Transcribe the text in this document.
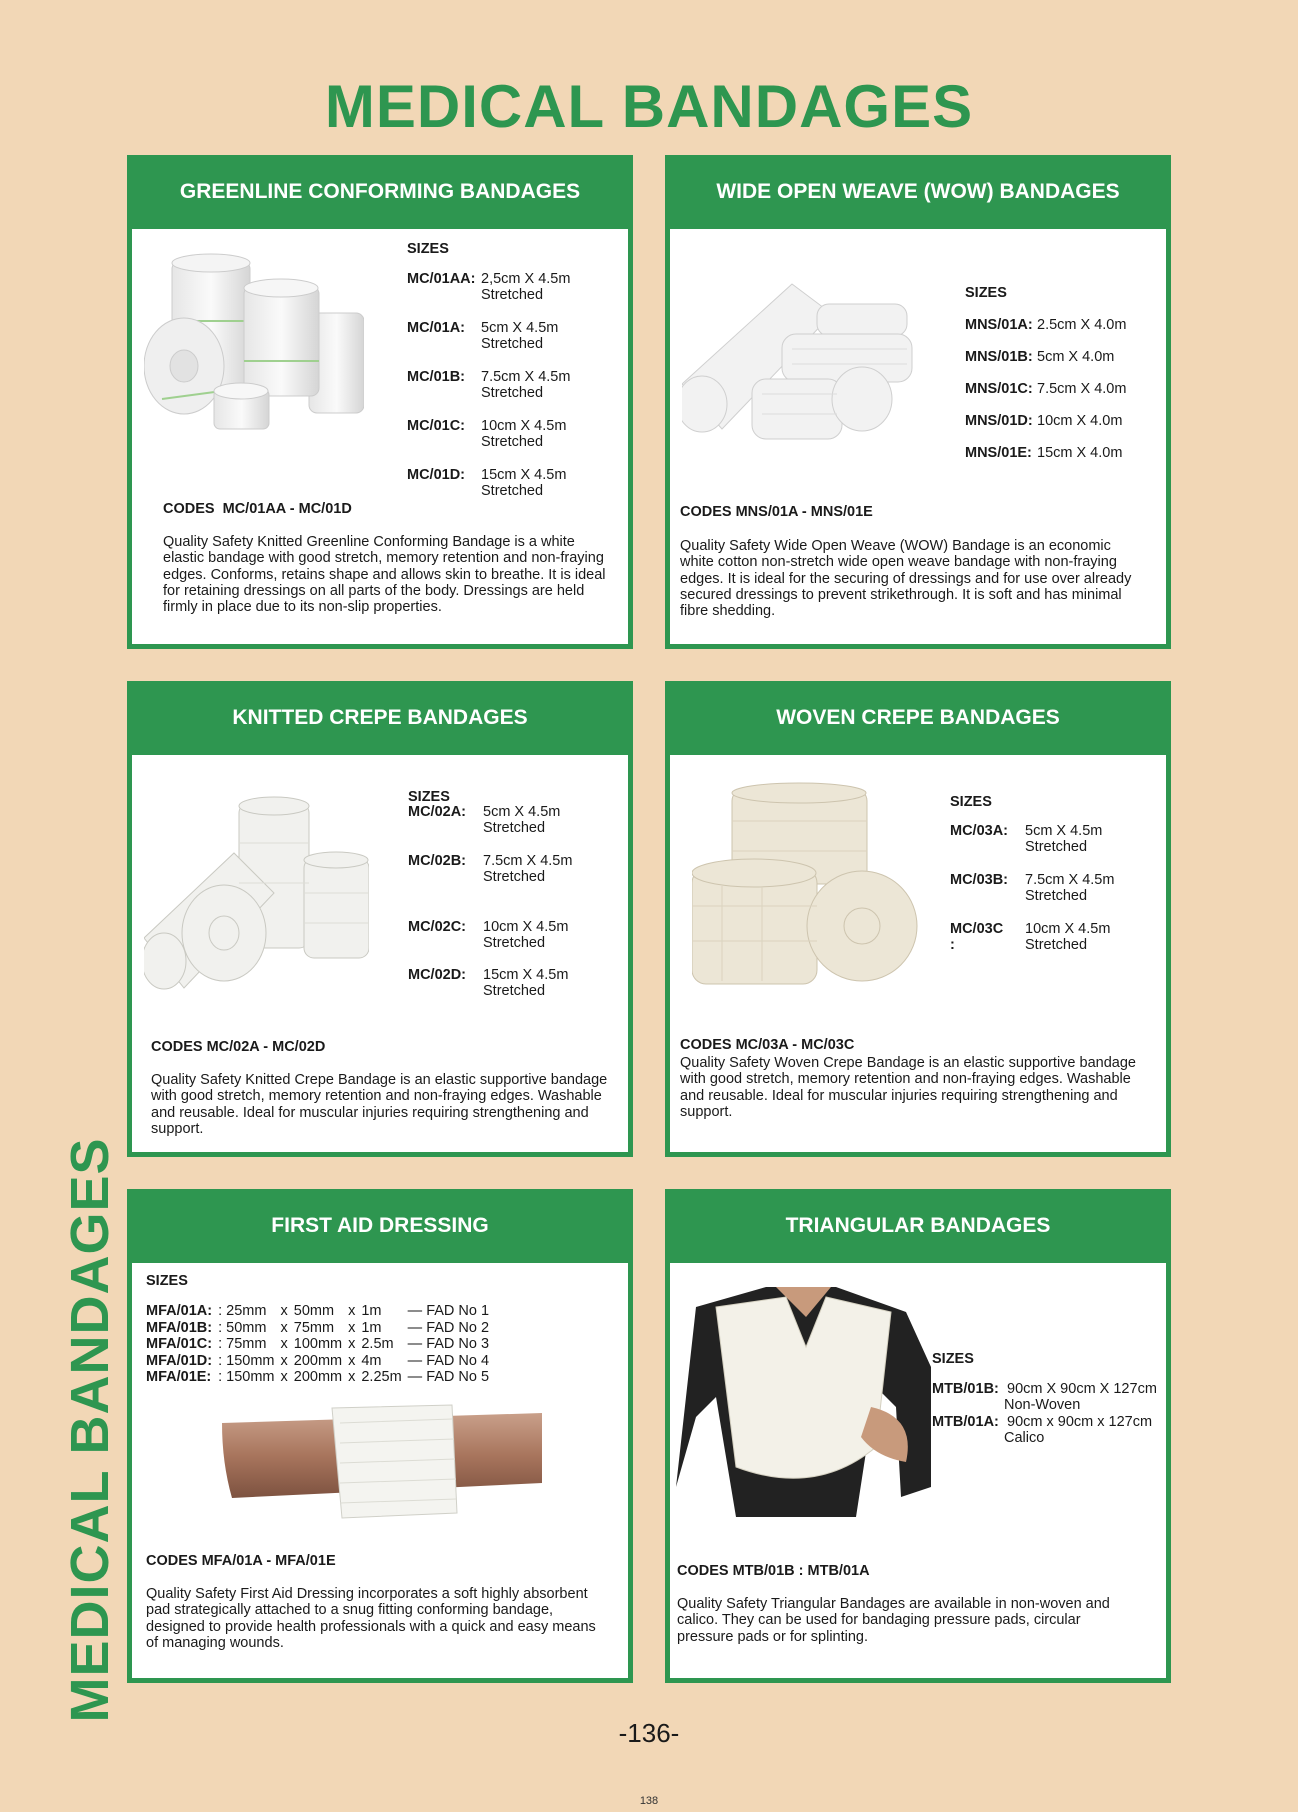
MEDICAL BANDAGES
MEDICAL BANDAGES
GREENLINE CONFORMING BANDAGES
SIZES
MC/01AA: 2,5cm X 4.5m
Stretched
MC/01A: 5cm X 4.5m
Stretched
MC/01B: 7.5cm X 4.5m
Stretched
MC/01C: 10cm X 4.5m
Stretched
MC/01D: 15cm X 4.5m
Stretched
CODES  MC/01AA - MC/01D
Quality Safety Knitted Greenline Conforming Bandage is a white elastic bandage with good stretch, memory retention and non-fraying edges. Conforms, retains shape and allows skin to breathe. It is ideal for retaining dressings on all parts of the body. Dressings are held firmly in place due to its non-slip properties.
WIDE OPEN WEAVE (WOW) BANDAGES
SIZES
MNS/01A: 2.5cm X 4.0m
MNS/01B: 5cm X 4.0m
MNS/01C: 7.5cm X 4.0m
MNS/01D: 10cm X 4.0m
MNS/01E: 15cm X 4.0m
CODES MNS/01A - MNS/01E
Quality Safety Wide Open Weave (WOW) Bandage is an economic white cotton non-stretch wide open weave bandage with non-fraying edges. It is ideal for the securing of dressings and for use over already secured dressings to prevent strikethrough. It is soft and has minimal fibre shedding.
KNITTED CREPE BANDAGES
SIZES
MC/02A: 5cm X 4.5m
Stretched
MC/02B: 7.5cm X 4.5m
Stretched
MC/02C: 10cm X 4.5m
Stretched
MC/02D: 15cm X 4.5m
Stretched
CODES MC/02A - MC/02D
Quality Safety Knitted Crepe Bandage is an elastic supportive bandage with good stretch, memory retention and non-fraying edges. Washable and reusable. Ideal for muscular injuries requiring strengthening and support.
WOVEN CREPE BANDAGES
SIZES
MC/03A: 5cm X 4.5m
Stretched
MC/03B: 7.5cm X 4.5m
Stretched
MC/03C :
10cm X 4.5m
Stretched
CODES MC/03A - MC/03C
Quality Safety Woven Crepe Bandage is an elastic supportive bandage with good stretch, memory retention and non-fraying edges. Washable and reusable. Ideal for muscular injuries requiring strengthening and support.
FIRST AID DRESSING
SIZES
MFA/01A:	: 25mm	x	50mm	x	1m	— FAD No 1
MFA/01B:	: 50mm	x	75mm	x	1m	— FAD No 2
MFA/01C:	: 75mm	x	100mm	x	2.5m	— FAD No 3
MFA/01D:	: 150mm	x	200mm	x	4m	— FAD No 4
MFA/01E:	: 150mm	x	200mm	x	2.25m	— FAD No 5
CODES MFA/01A - MFA/01E
Quality Safety First Aid Dressing incorporates a soft highly absorbent pad strategically attached to a snug fitting conforming bandage, designed to provide health professionals with a quick and easy means of managing wounds.
TRIANGULAR BANDAGES
SIZES
MTB/01B: 90cm X 90cm X 127cm
Non-Woven
MTB/01A: 90cm x 90cm x 127cm
Calico
CODES MTB/01B : MTB/01A
Quality Safety Triangular Bandages are available in non-woven and calico. They can be used for bandaging pressure pads, circular pressure pads or for splinting.
-136-
138
